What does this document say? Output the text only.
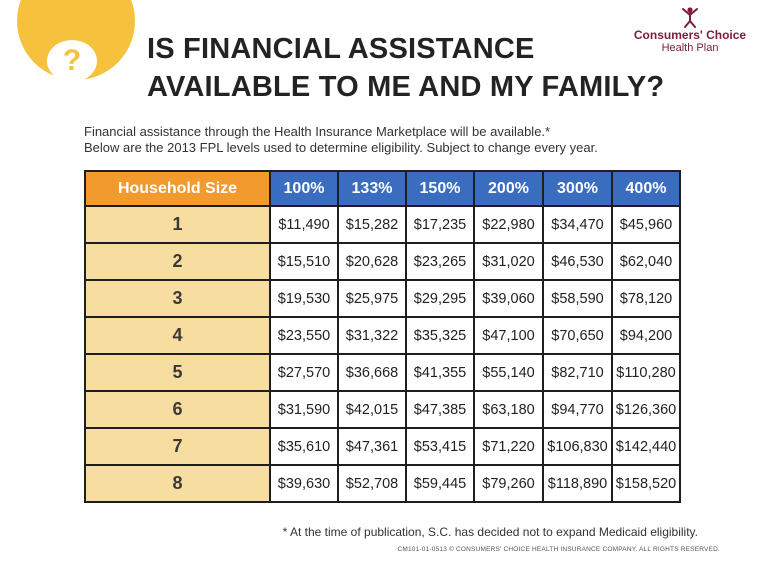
? IS FINANCIAL ASSISTANCE
AVAILABLE TO ME AND MY FAMILY?
Consumers' Choice
Health Plan
Financial assistance through the Health Insurance Marketplace will be available.*
Below are the 2013 FPL levels used to determine eligibility. Subject to change every year.
Household Size	100%	133%	150%	200%	300%	400%
1	$11,490	$15,282	$17,235	$22,980	$34,470	$45,960
2	$15,510	$20,628	$23,265	$31,020	$46,530	$62,040
3	$19,530	$25,975	$29,295	$39,060	$58,590	$78,120
4	$23,550	$31,322	$35,325	$47,100	$70,650	$94,200
5	$27,570	$36,668	$41,355	$55,140	$82,710	$110,280
6	$31,590	$42,015	$47,385	$63,180	$94,770	$126,360
7	$35,610	$47,361	$53,415	$71,220	$106,830	$142,440
8	$39,630	$52,708	$59,445	$79,260	$118,890	$158,520
* At the time of publication, S.C. has decided not to expand Medicaid eligibility.
CM101-01-0513 © CONSUMERS' CHOICE HEALTH INSURANCE COMPANY. ALL RIGHTS RESERVED.
